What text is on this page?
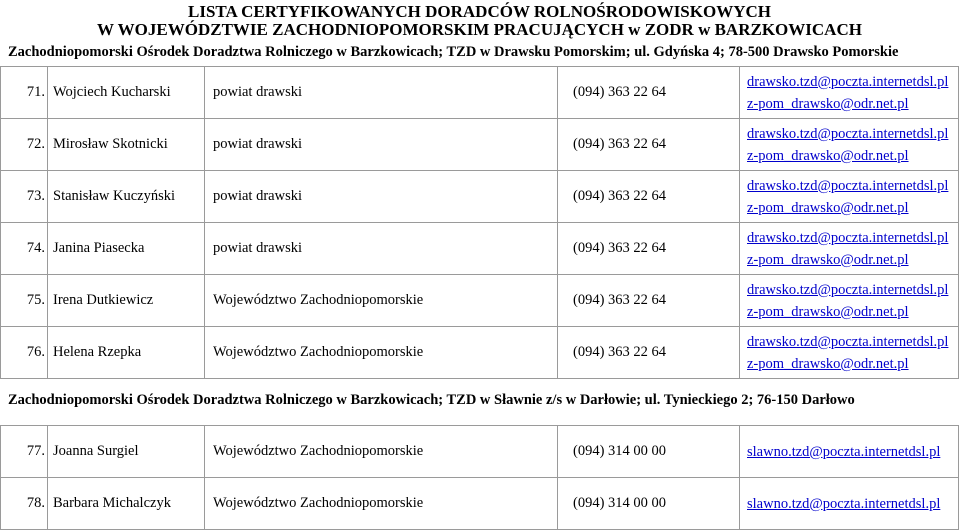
LISTA CERTYFIKOWANYCH DORADCÓW ROLNOŚRODOWISKOWYCH
W WOJEWÓDZTWIE ZACHODNIOPOMORSKIM PRACUJĄCYCH w ZODR w BARZKOWICACH
Zachodniopomorski Ośrodek Doradztwa Rolniczego w Barzkowicach; TZD w Drawsku Pomorskim; ul. Gdyńska 4; 78-500 Drawsko Pomorskie
71.	Wojciech Kucharski	powiat drawski	(094) 363 22 64	drawsko.tzd@poczta.internetdsl.pl
z-pom_drawsko@odr.net.pl

72.	Mirosław Skotnicki	powiat drawski	(094) 363 22 64	drawsko.tzd@poczta.internetdsl.pl
z-pom_drawsko@odr.net.pl

73.	Stanisław Kuczyński	powiat drawski	(094) 363 22 64	drawsko.tzd@poczta.internetdsl.pl
z-pom_drawsko@odr.net.pl

74.	Janina Piasecka	powiat drawski	(094) 363 22 64	drawsko.tzd@poczta.internetdsl.pl
z-pom_drawsko@odr.net.pl

75.	Irena Dutkiewicz	Województwo Zachodniopomorskie	(094) 363 22 64	drawsko.tzd@poczta.internetdsl.pl
z-pom_drawsko@odr.net.pl

76.	Helena Rzepka	Województwo Zachodniopomorskie	(094) 363 22 64	drawsko.tzd@poczta.internetdsl.pl
z-pom_drawsko@odr.net.pl
Zachodniopomorski Ośrodek Doradztwa Rolniczego w Barzkowicach; TZD w Sławnie z/s w Darłowie; ul. Tynieckiego 2; 76-150 Darłowo
77.	Joanna Surgiel	Województwo Zachodniopomorskie	(094) 314 00 00	slawno.tzd@poczta.internetdsl.pl

78.	Barbara Michalczyk	Województwo Zachodniopomorskie	(094) 314 00 00	slawno.tzd@poczta.internetdsl.pl
